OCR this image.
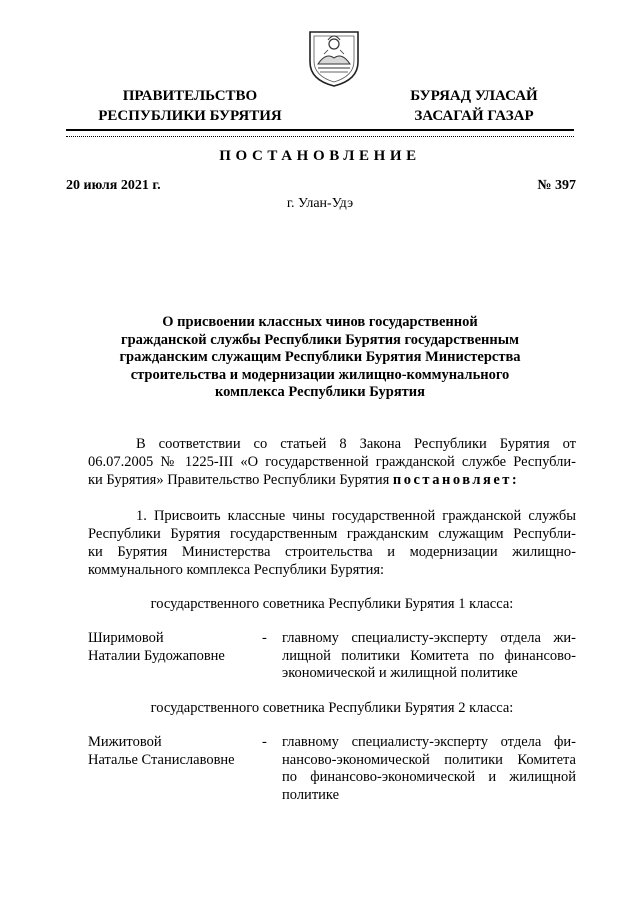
ПРАВИТЕЛЬСТВО
РЕСПУБЛИКИ БУРЯТИЯ
БУРЯАД УЛАСАЙ
ЗАСАГАЙ ГАЗАР
ПОСТАНОВЛЕНИЕ
20 июля 2021 г.	№ 397
г. Улан-Удэ
О присвоении классных чинов государственной
гражданской службы Республики Бурятия государственным
гражданским служащим Республики Бурятия Министерства
строительства и модернизации жилищно-коммунального
комплекса Республики Бурятия
В соответствии со статьей 8 Закона Республики Бурятия от
06.07.2005 № 1225-III «О государственной гражданской службе Республи-
ки Бурятия» Правительство Республики Бурятия постановляет:
1. Присвоить классные чины государственной гражданской службы
Республики Бурятия государственным гражданским служащим Республи-
ки Бурятия Министерства строительства и модернизации жилищно-
коммунального комплекса Республики Бурятия:
государственного советника Республики Бурятия 1 класса:
Ширимовой
Наталии Будожаповне
- главному специалисту-эксперту отдела жи-
лищной политики Комитета по финансово-
экономической и жилищной политике
государственного советника Республики Бурятия 2 класса:
Мижитовой
Наталье Станиславовне
- главному специалисту-эксперту отдела фи-
нансово-экономической политики Комитета
по финансово-экономической и жилищной
политике
